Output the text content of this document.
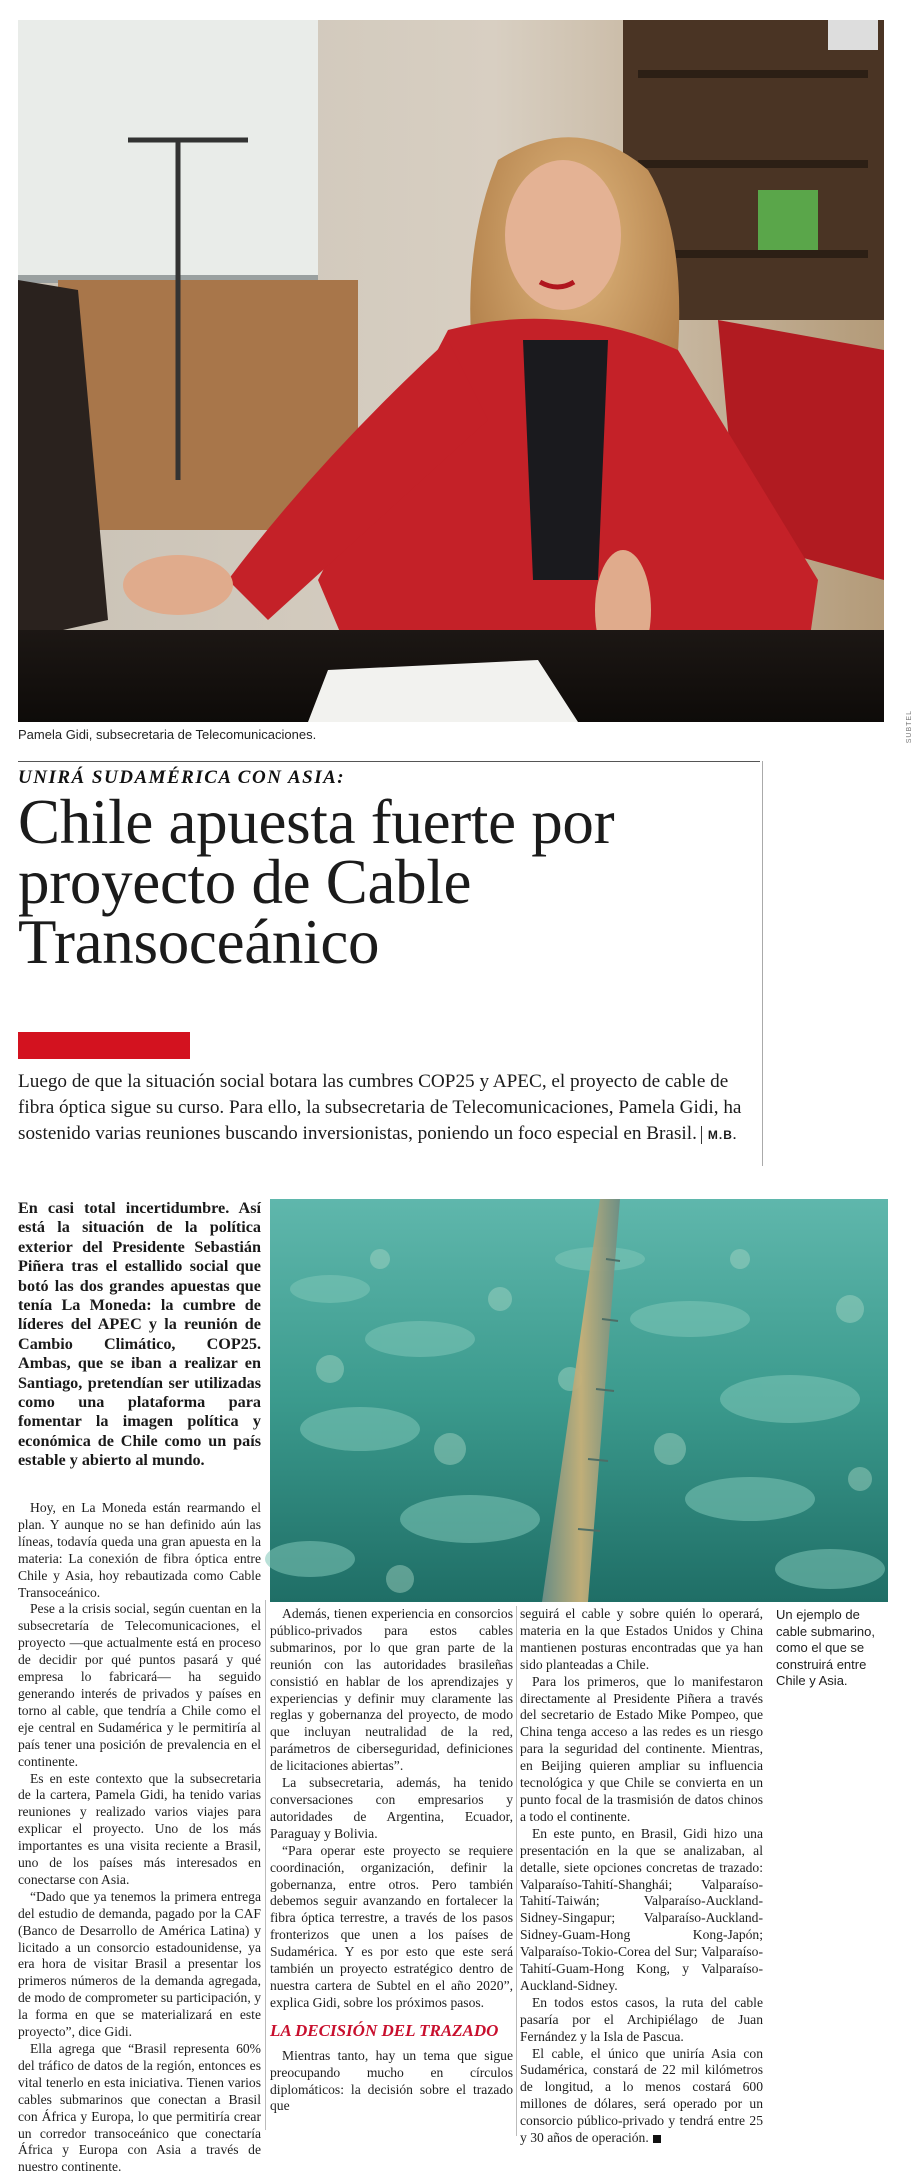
SUBTEL
Pamela Gidi, subsecretaria de Telecomunicaciones.
UNIRÁ SUDAMÉRICA CON ASIA:
Chile apuesta fuerte por proyecto de Cable Transoceánico
Luego de que la situación social botara las cumbres COP25 y APEC, el proyecto de cable de fibra óptica sigue su curso. Para ello, la subsecretaria de Telecomunicaciones, Pamela Gidi, ha sostenido varias reuniones buscando inversionistas, poniendo un foco especial en Brasil. M.B.
En casi total incertidumbre. Así está la situación de la política exterior del Presidente Sebastián Piñera tras el estallido social que botó las dos grandes apuestas que tenía La Moneda: la cumbre de líderes del APEC y la reunión de Cambio Climático, COP25. Ambas, que se iban a realizar en Santiago, pretendían ser utilizadas como una plataforma para fomentar la imagen política y económica de Chile como un país estable y abierto al mundo.
Un ejemplo de cable submarino, como el que se construirá entre Chile y Asia.

Hoy, en La Moneda están rearmando el plan. Y aunque no se han definido aún las líneas, todavía queda una gran apuesta en la materia: La conexión de fibra óptica entre Chile y Asia, hoy rebautizada como Cable Transoceánico.

Pese a la crisis social, según cuentan en la subsecretaría de Telecomunicaciones, el proyecto —que actualmente está en proceso de decidir por qué puntos pasará y qué empresa lo fabricará— ha seguido generando interés de privados y países en torno al cable, que tendría a Chile como el eje central en Sudamérica y le permitiría al país tener una posición de prevalencia en el continente.

Es en este contexto que la subsecretaria de la cartera, Pamela Gidi, ha tenido varias reuniones y realizado varios viajes para explicar el proyecto. Uno de los más importantes es una visita reciente a Brasil, uno de los países más interesados en conectarse con Asia.

“Dado que ya tenemos la primera entrega del estudio de demanda, pagado por la CAF (Banco de Desarrollo de América Latina) y licitado a un consorcio estadounidense, ya era hora de visitar Brasil a presentar los primeros números de la demanda agregada, de modo de comprometer su participación, y la forma en que se materializará en este proyecto”, dice Gidi.

Ella agrega que “Brasil representa 60% del tráfico de datos de la región, entonces es vital tenerlo en esta iniciativa. Tienen varios cables submarinos que conectan a Brasil con África y Europa, lo que permitiría crear un corredor transoceánico que conectaría África y Europa con Asia a través de nuestro continente.

Además, tienen experiencia en consorcios público-privados para estos cables submarinos, por lo que gran parte de la reunión con las autoridades brasileñas consistió en hablar de los aprendizajes y experiencias y definir muy claramente las reglas y gobernanza del proyecto, de modo que incluyan neutralidad de la red, parámetros de ciberseguridad, definiciones de licitaciones abiertas”.

La subsecretaria, además, ha tenido conversaciones con empresarios y autoridades de Argentina, Ecuador, Paraguay y Bolivia.

“Para operar este proyecto se requiere coordinación, organización, definir la gobernanza, entre otros. Pero también debemos seguir avanzando en fortalecer la fibra óptica terrestre, a través de los pasos fronterizos que unen a los países de Sudamérica. Y es por esto que este será también un proyecto estratégico dentro de nuestra cartera de Subtel en el año 2020”, explica Gidi, sobre los próximos pasos.

LA DECISIÓN DEL TRAZADO

Mientras tanto, hay un tema que sigue preocupando mucho en círculos diplomáticos: la decisión sobre el trazado que

seguirá el cable y sobre quién lo operará, materia en la que Estados Unidos y China mantienen posturas encontradas que ya han sido planteadas a Chile.

Para los primeros, que lo manifestaron directamente al Presidente Piñera a través del secretario de Estado Mike Pompeo, que China tenga acceso a las redes es un riesgo para la seguridad del continente. Mientras, en Beijing quieren ampliar su influencia tecnológica y que Chile se convierta en un punto focal de la trasmisión de datos chinos a todo el continente.

En este punto, en Brasil, Gidi hizo una presentación en la que se analizaban, al detalle, siete opciones concretas de trazado: Valparaíso-Tahití-Shanghái; Valparaíso-Tahití-Taiwán; Valparaíso-Auckland-Sidney-Singapur; Valparaíso-Auckland-Sidney-Guam-Hong Kong-Japón; Valparaíso-Tokio-Corea del Sur; Valparaíso-Tahití-Guam-Hong Kong, y Valparaíso-Auckland-Sidney.

En todos estos casos, la ruta del cable pasaría por el Archipiélago de Juan Fernández y la Isla de Pascua.

El cable, el único que uniría Asia con Sudamérica, constará de 22 mil kilómetros de longitud, a lo menos costará 600 millones de dólares, será operado por un consorcio público-privado y tendrá entre 25 y 30 años de operación.
